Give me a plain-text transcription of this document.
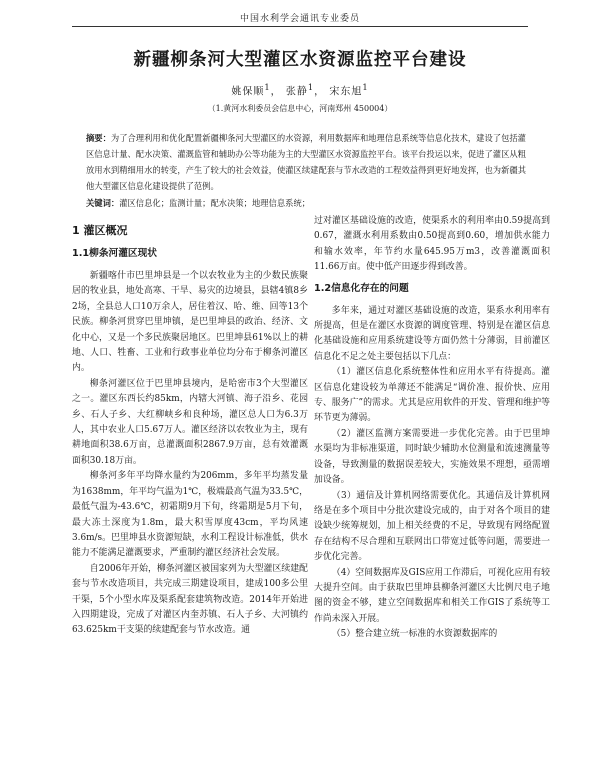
中国水利学会通讯专业委员
新疆柳条河大型灌区水资源监控平台建设
姚保顺$^1$， 张静$^1$， 宋东旭$^1$
（1.黄河水利委员会信息中心，河南郑州 450004）
摘要：为了合理利用和优化配置新疆柳条河大型灌区的水资源，利用数据库和地理信息系统等信息化技术，建设了包括灌区信息计量、配水决策、灌溉监管和辅助办公等功能为主的大型灌区水资源监控平台。该平台投运以来，促进了灌区从粗放用水到精细用水的转变，产生了较大的社会效益，使灌区续建配套与节水改造的工程效益得到更好地发挥，也为新疆其他大型灌区信息化建设提供了范例。
关键词：灌区信息化；监测计量；配水决策；地理信息系统；
1 灌区概况
1.1柳条河灌区现状

新疆喀什市巴里坤县是一个以农牧业为主的少数民族聚居的牧业县，地处高寒、干旱、易灾的边境县，县辖4镇8乡2场，全县总人口10万余人，居住着汉、哈、维、回等13个民族。柳条河贯穿巴里坤镇，是巴里坤县的政治、经济、文化中心，又是一个多民族聚居地区。巴里坤县61%以上的耕地、人口、牲畜、工业和行政事业单位均分布于柳条河灌区内。

柳条河灌区位于巴里坤县境内，是哈密市3个大型灌区之一。灌区东西长约85km，内辖大河镇、海子沿乡、花园乡、石人子乡、大红柳峡乡和良种场，灌区总人口为6.3万人，其中农业人口5.67万人。灌区经济以农牧业为主，现有耕地面积38.6万亩，总灌溉面积2867.9万亩，总有效灌溉面积30.18万亩。

柳条河多年平均降水量约为206mm，多年平均蒸发量为1638mm，年平均气温为1℃，极端最高气温为33.5℃，最低气温为-43.6℃，初霜期9月下旬，终霜期是5月下旬，最大冻土深度为1.8m，最大积雪厚度43cm，平均风速3.6m/s。巴里坤县水资源短缺，水利工程设计标准低，供水能力不能满足灌溉要求，严重制约灌区经济社会发展。

自2006年开始，柳条河灌区被国家列为大型灌区续建配套与节水改造项目，共完成三期建设项目，建成100多公里干渠，5个小型水库及渠系配套建筑物改造。2014年开始进入四期建设，完成了对灌区内奎苏镇、石人子乡、大河镇约63.625km干支渠的续建配套与节水改造。通

过对灌区基础设施的改造，使渠系水的利用率由0.59提高到0.67，灌溉水利用系数由0.50提高到0.60，增加供水能力和输水效率，年节约水量645.95万m3，改善灌溉面积11.66万亩。使中低产田逐步得到改善。

1.2信息化存在的问题

多年来，通过对灌区基础设施的改造，渠系水利用率有所提高，但是在灌区水资源的调度管理、特别是在灌区信息化基础设施和应用系统建设等方面仍然十分薄弱，目前灌区信息化不足之处主要包括以下几点：

（1）灌区信息化系统整体性和应用水平有待提高。灌区信息化建设较为单薄还不能满足“调价准、报价快、应用专、服务广”的需求。尤其是应用软件的开发、管理和维护等环节更为薄弱。

（2）灌区监测方案需要进一步优化完善。由于巴里坤水渠均为非标准渠道，同时缺少辅助水位测量和流速测量等设备，导致测量的数据误差较大，实施效果不理想，亟需增加设备。

（3）通信及计算机网络需要优化。其通信及计算机网络是在多个项目中分批次建设完成的，由于对各个项目的建设缺少统筹规划，加上相关经费的不足，导致现有网络配置存在结构不尽合理和互联网出口带宽过低等问题，需要进一步优化完善。

（4）空间数据库及GIS应用工作滞后，可视化应用有较大提升空间。由于获取巴里坤县柳条河灌区大比例尺电子地图的资金不够，建立空间数据库和相关工作GIS了系统等工作尚未深入开展。

（5）整合建立统一标准的水资源数据库的
